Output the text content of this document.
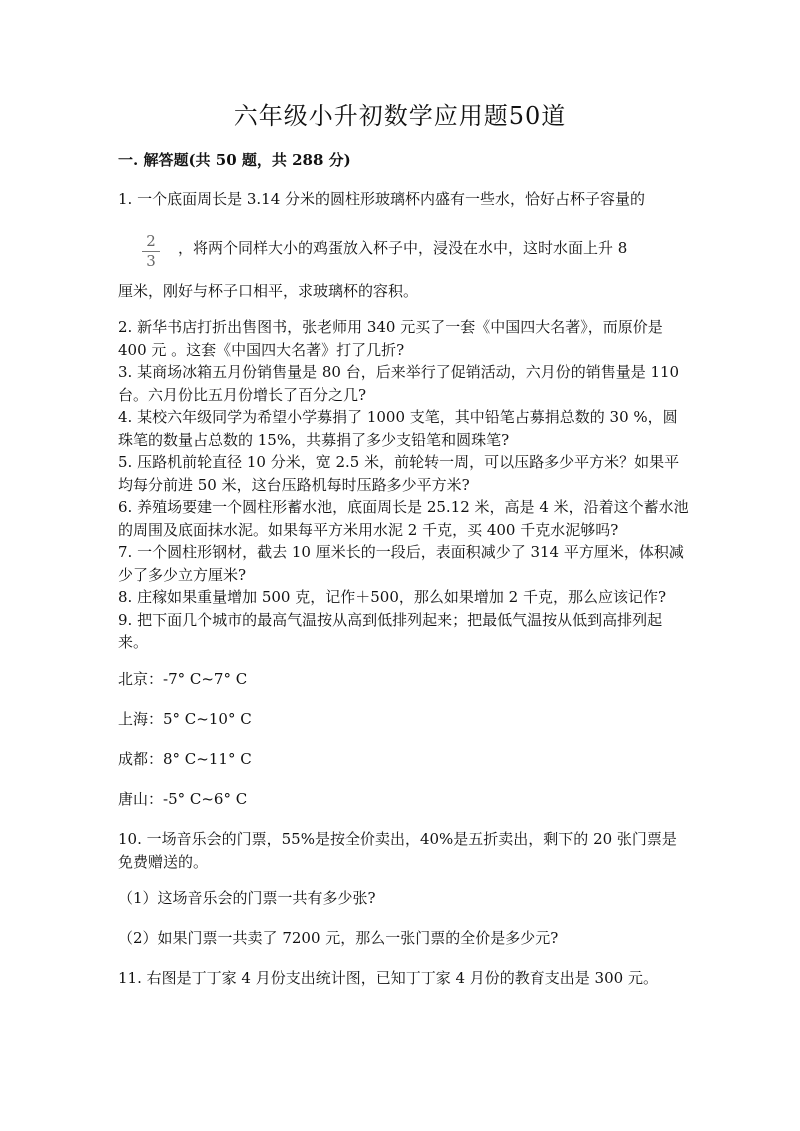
六年级小升初数学应用题50道
一. 解答题(共 50 题，共 288 分)
1. 一个底面周长是 3.14 分米的圆柱形玻璃杯内盛有一些水，恰好占杯子容量的
2
3
，将两个同样大小的鸡蛋放入杯子中，浸没在水中，这时水面上升 8
厘米，刚好与杯子口相平，求玻璃杯的容积。
2. 新华书店打折出售图书，张老师用 340 元买了一套《中国四大名著》，而原价是 400 元 。这套《中国四大名著》打了几折?
3. 某商场冰箱五月份销售量是 80 台，后来举行了促销活动，六月份的销售量是 110 台。六月份比五月份增长了百分之几?
4. 某校六年级同学为希望小学募捐了 1000 支笔，其中铅笔占募捐总数的 30 %，圆珠笔的数量占总数的 15%，共募捐了多少支铅笔和圆珠笔?
5. 压路机前轮直径 10 分米，宽 2.5 米，前轮转一周，可以压路多少平方米？如果平均每分前进 50 米，这台压路机每时压路多少平方米?
6. 养殖场要建一个圆柱形蓄水池，底面周长是 25.12 米，高是 4 米，沿着这个蓄水池的周围及底面抹水泥。如果每平方米用水泥 2 千克，买 400 千克水泥够吗?
7. 一个圆柱形钢材，截去 10 厘米长的一段后，表面积减少了 314 平方厘米，体积减少了多少立方厘米?
8. 庄稼如果重量增加 500 克，记作＋500，那么如果增加 2 千克，那么应该记作?
9. 把下面几个城市的最高气温按从高到低排列起来；把最低气温按从低到高排列起来。
北京：-7° C~7° C
上海：5° C~10° C
成都：8° C~11° C
唐山：-5° C~6° C
10. 一场音乐会的门票，55%是按全价卖出，40%是五折卖出，剩下的 20 张门票是免费赠送的。
（1）这场音乐会的门票一共有多少张?
（2）如果门票一共卖了 7200 元，那么一张门票的全价是多少元?
11. 右图是丁丁家 4 月份支出统计图，已知丁丁家 4 月份的教育支出是 300 元。
